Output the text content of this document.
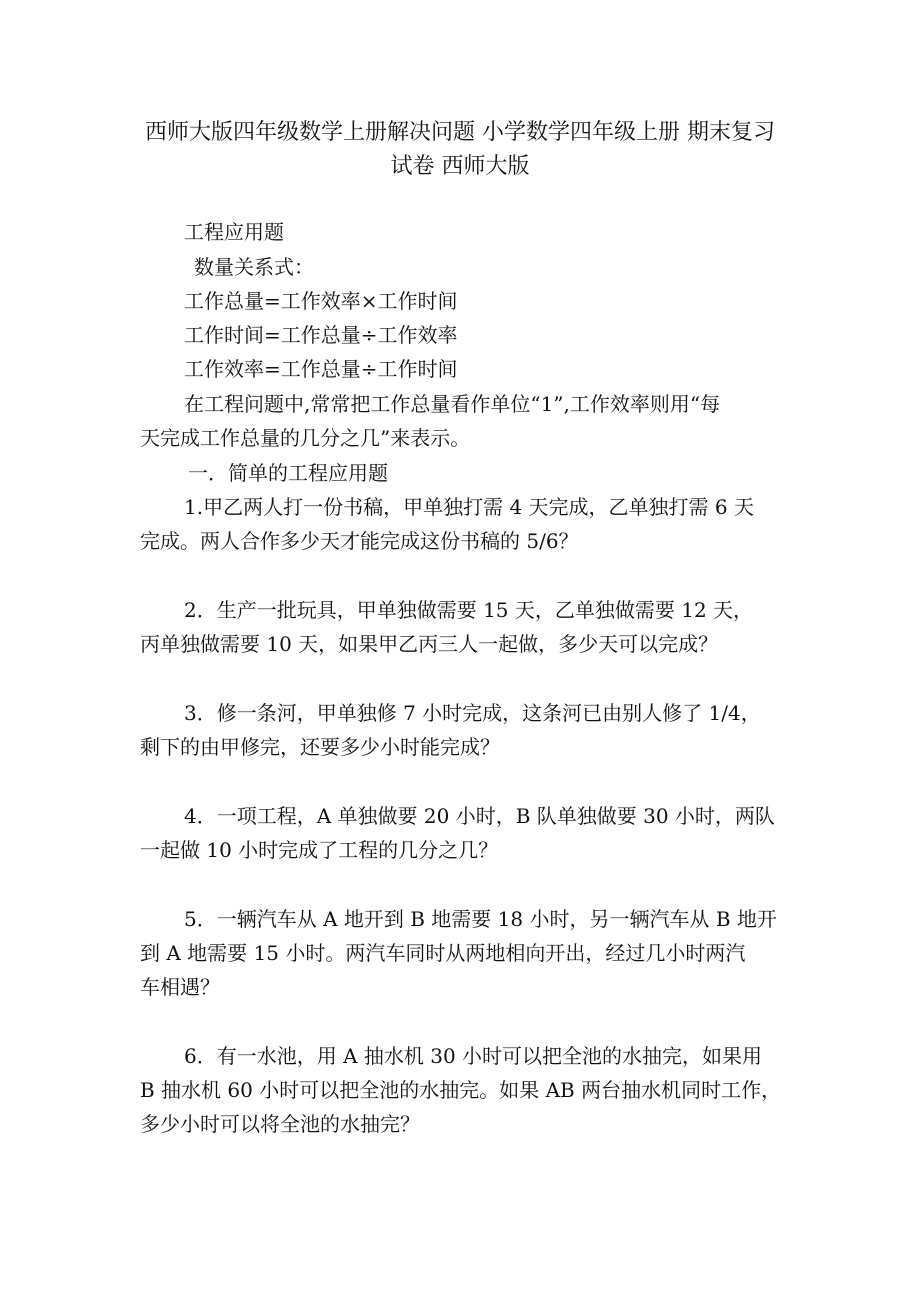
西师大版四年级数学上册解决问题 小学数学四年级上册 期末复习
试卷 西师大版

工程应用题

数量关系式：

工作总量=工作效率×工作时间

工作时间=工作总量÷工作效率

工作效率=工作总量÷工作时间

在工程问题中,常常把工作总量看作单位“1”,工作效率则用“每

天完成工作总量的几分之几”来表示。

一．简单的工程应用题

1.甲乙两人打一份书稿，甲单独打需 4 天完成，乙单独打需 6 天

完成。两人合作多少天才能完成这份书稿的 5/6？

2．生产一批玩具，甲单独做需要 15 天，乙单独做需要 12 天，

丙单独做需要 10 天，如果甲乙丙三人一起做，多少天可以完成？

3．修一条河，甲单独修 7 小时完成，这条河已由别人修了 1/4，

剩下的由甲修完，还要多少小时能完成？

4．一项工程，A 单独做要 20 小时，B 队单独做要 30 小时，两队

一起做 10 小时完成了工程的几分之几？

5．一辆汽车从 A 地开到 B 地需要 18 小时，另一辆汽车从 B 地开

到 A 地需要 15 小时。两汽车同时从两地相向开出，经过几小时两汽

车相遇？

6．有一水池，用 A 抽水机 30 小时可以把全池的水抽完，如果用

B 抽水机 60 小时可以把全池的水抽完。如果 AB 两台抽水机同时工作，

多少小时可以将全池的水抽完？
